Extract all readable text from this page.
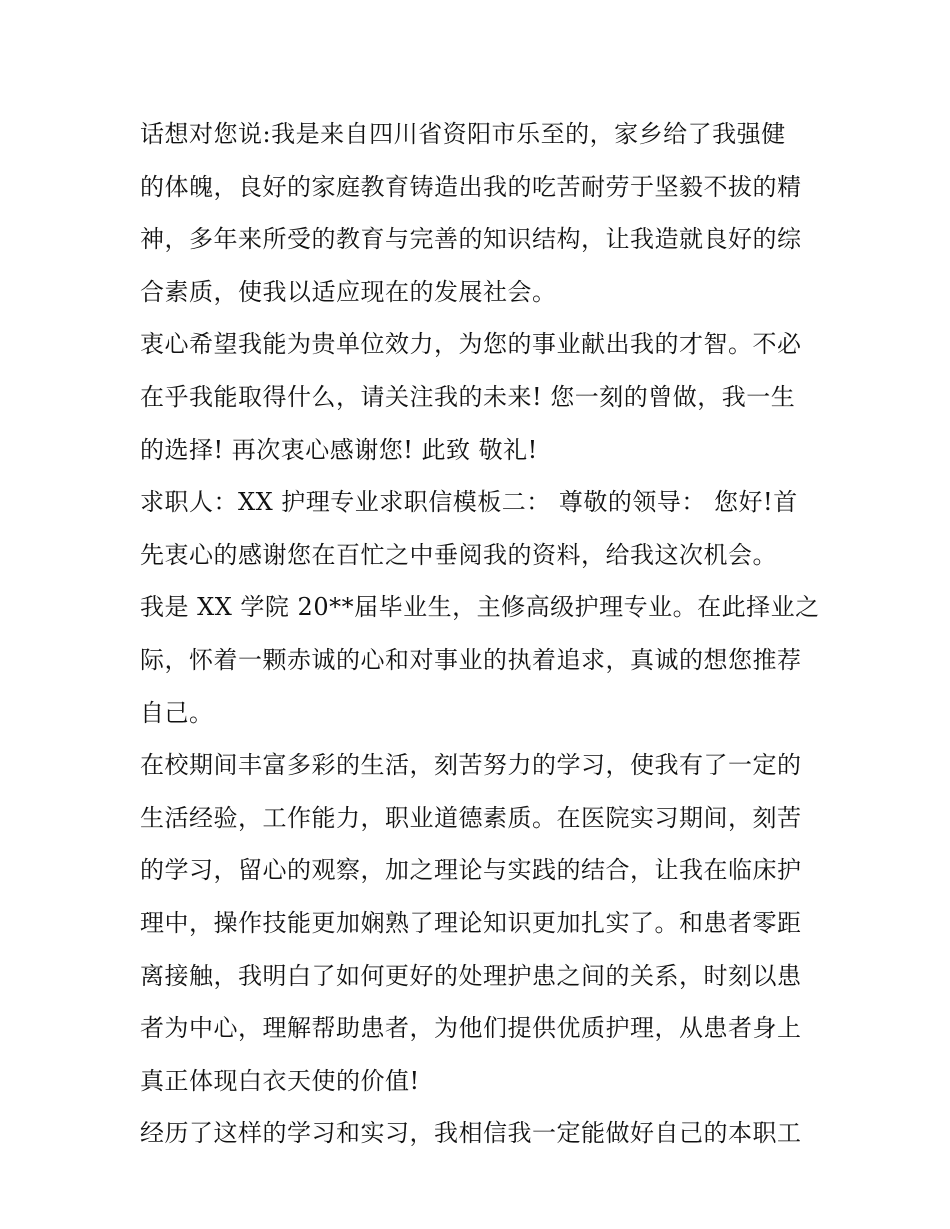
话想对您说:我是来自四川省资阳市乐至的，家乡给了我强健
的体魄，良好的家庭教育铸造出我的吃苦耐劳于坚毅不拔的精
神，多年来所受的教育与完善的知识结构，让我造就良好的综
合素质，使我以适应现在的发展社会。
衷心希望我能为贵单位效力，为您的事业献出我的才智。不必
在乎我能取得什么，请关注我的未来! 您一刻的曾做，我一生
的选择! 再次衷心感谢您! 此致 敬礼!
求职人：XX 护理专业求职信模板二： 尊敬的领导： 您好!首
先衷心的感谢您在百忙之中垂阅我的资料，给我这次机会。
我是 XX 学院 20**届毕业生，主修高级护理专业。在此择业之
际，怀着一颗赤诚的心和对事业的执着追求，真诚的想您推荐
自己。
在校期间丰富多彩的生活，刻苦努力的学习，使我有了一定的
生活经验，工作能力，职业道德素质。在医院实习期间，刻苦
的学习，留心的观察，加之理论与实践的结合，让我在临床护
理中，操作技能更加娴熟了理论知识更加扎实了。和患者零距
离接触，我明白了如何更好的处理护患之间的关系，时刻以患
者为中心，理解帮助患者，为他们提供优质护理，从患者身上
真正体现白衣天使的价值!
经历了这样的学习和实习，我相信我一定能做好自己的本职工
